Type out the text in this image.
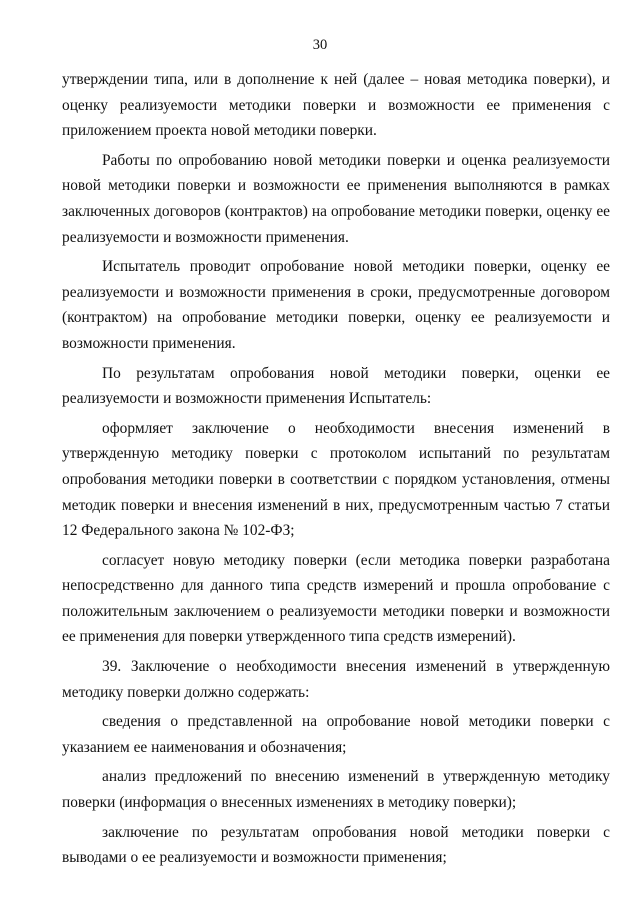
30

утверждении типа, или в дополнение к ней (далее – новая методика поверки), и оценку реализуемости методики поверки и возможности ее применения с приложением проекта новой методики поверки.

Работы по опробованию новой методики поверки и оценка реализуемости новой методики поверки и возможности ее применения выполняются в рамках заключенных договоров (контрактов) на опробование методики поверки, оценку ее реализуемости и возможности применения.

Испытатель проводит опробование новой методики поверки, оценку ее реализуемости и возможности применения в сроки, предусмотренные договором (контрактом) на опробование методики поверки, оценку ее реализуемости и возможности применения.

По результатам опробования новой методики поверки, оценки ее реализуемости и возможности применения Испытатель:

оформляет заключение о необходимости внесения изменений в утвержденную методику поверки с протоколом испытаний по результатам опробования методики поверки в соответствии с порядком установления, отмены методик поверки и внесения изменений в них, предусмотренным частью 7 статьи 12 Федерального закона № 102-ФЗ;

согласует новую методику поверки (если методика поверки разработана непосредственно для данного типа средств измерений и прошла опробование с положительным заключением о реализуемости методики поверки и возможности ее применения для поверки утвержденного типа средств измерений).

39. Заключение о необходимости внесения изменений в утвержденную методику поверки должно содержать:

сведения о представленной на опробование новой методики поверки с указанием ее наименования и обозначения;

анализ предложений по внесению изменений в утвержденную методику поверки (информация о внесенных изменениях в методику поверки);

заключение по результатам опробования новой методики поверки с выводами о ее реализуемости и возможности применения;
